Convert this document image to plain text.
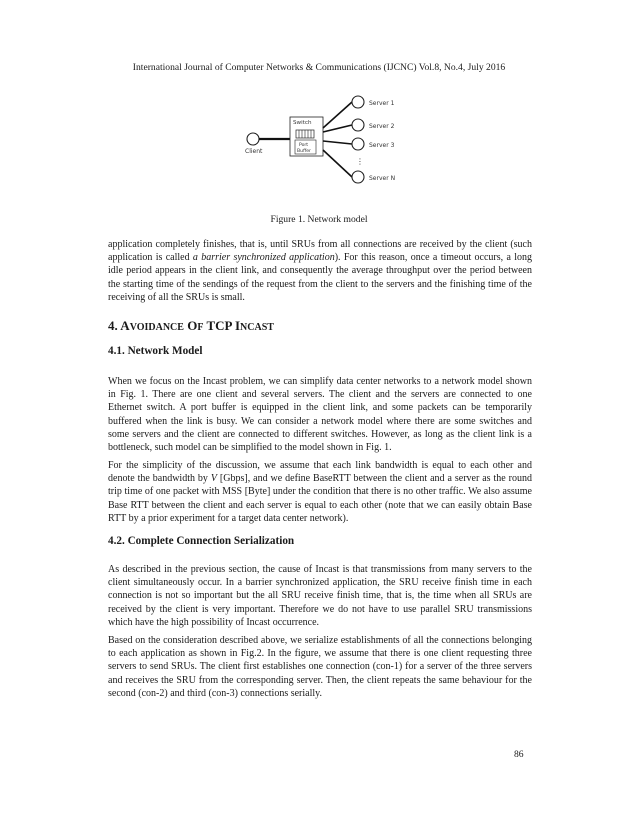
International Journal of Computer Networks & Communications (IJCNC) Vol.8, No.4, July 2016
Client
Switch
Port
Buffer
Server 1
Server 2
Server 3
⋮
Server N
Figure 1. Network model

application completely finishes, that is, until SRUs from all connections are received by the client (such application is called a barrier synchronized application). For this reason, once a timeout occurs, a long idle period appears in the client link, and consequently the average throughput over the period between the starting time of the sendings of the request from the client to the servers and the finishing time of the receiving of all the SRUs is small.

4. AVOIDANCE OF TCP INCAST
4.1. Network Model

When we focus on the Incast problem, we can simplify data center networks to a network model shown in Fig. 1. There are one client and several servers. The client and the servers are connected to one Ethernet switch. A port buffer is equipped in the client link, and some packets can be temporarily buffered when the link is busy. We can consider a network model where there are some switches and some servers and the client are connected to different switches. However, as long as the client link is a bottleneck, such model can be simplified to the model shown in Fig. 1.

For the simplicity of the discussion, we assume that each link bandwidth is equal to each other and denote the bandwidth by V [Gbps], and we define BaseRTT between the client and a server as the round trip time of one packet with MSS [Byte] under the condition that there is no other traffic. We also assume Base RTT between the client and each server is equal to each other (note that we can easily obtain Base RTT by a prior experiment for a target data center network).

4.2. Complete Connection Serialization

As described in the previous section, the cause of Incast is that transmissions from many servers to the client simultaneously occur. In a barrier synchronized application, the SRU receive finish time in each connection is not so important but the all SRU receive finish time, that is, the time when all SRUs are received by the client is very important. Therefore we do not have to use parallel SRU transmissions which have the high possibility of Incast occurrence.

Based on the consideration described above, we serialize establishments of all the connections belonging to each application as shown in Fig.2. In the figure, we assume that there is one client requesting three servers to send SRUs. The client first establishes one connection (con-1) for a server of the three servers and receives the SRU from the corresponding server. Then, the client repeats the same behaviour for the second (con-2) and third (con-3) connections serially.

86
